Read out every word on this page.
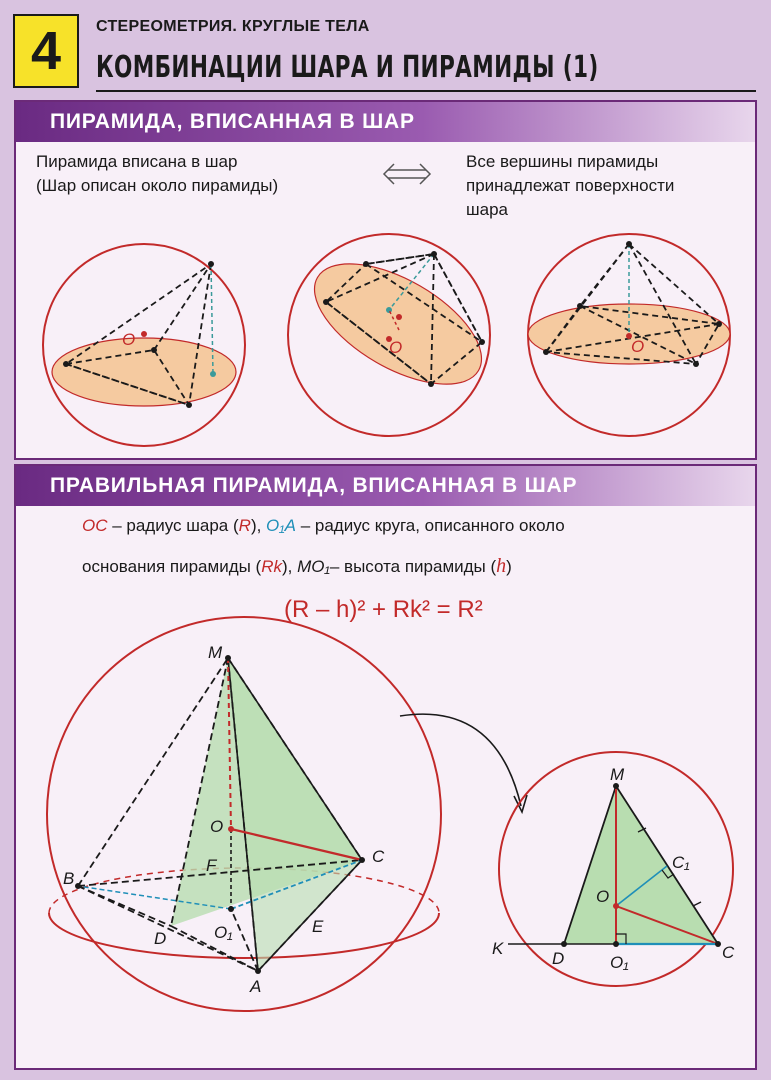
4	СТЕРЕОМЕТРИЯ. КРУГЛЫЕ ТЕЛА
КОМБИНАЦИИ ШАРА И ПИРАМИДЫ (1)
ПИРАМИДА, ВПИСАННАЯ В ШАР
Пирамида вписана в шар
(Шар описан около пирамиды)
Все вершины пирамиды
принадлежат поверхности
шара
O	O	O
ПРАВИЛЬНАЯ ПИРАМИДА, ВПИСАННАЯ В ШАР
OC – радиус шара (R), O₁A – радиус круга, описанного около
основания пирамиды (Rk), MO₁– высота пирамиды (h)
(R – h)² + Rk² = R²
M
O
C
B
F
D	O₁	E
A
M
O
C₁
C
K
D	O₁
